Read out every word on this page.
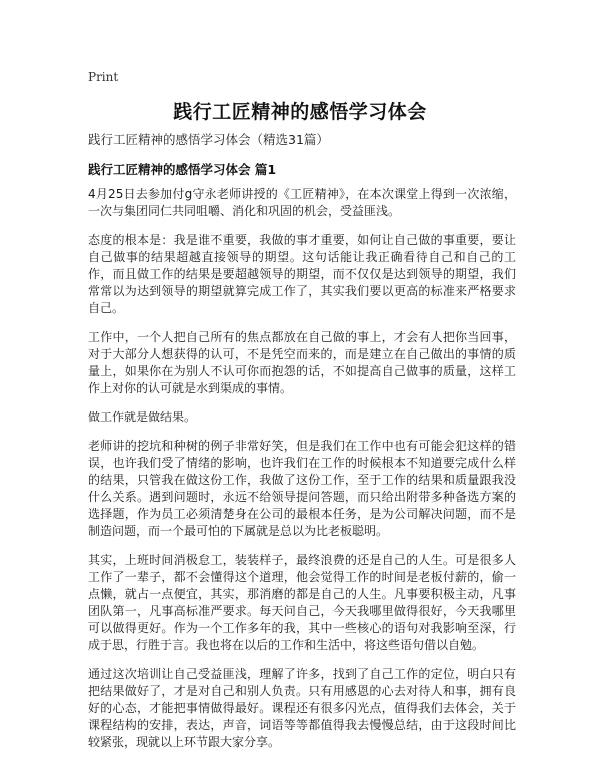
Print
践行工匠精神的感悟学习体会

践行工匠精神的感悟学习体会（精选31篇）

践行工匠精神的感悟学习体会 篇1

4月25日去参加付g守永老师讲授的《工匠精神》，在本次课堂上得到一次浓缩，一次与集团同仁共同咀嚼、消化和巩固的机会，受益匪浅。

态度的根本是：我是谁不重要，我做的事才重要，如何让自己做的事重要，要让自己做事的结果超越直接领导的期望。这句话能让我正确看待自己和自己的工作，而且做工作的结果是要超越领导的期望，而不仅仅是达到领导的期望，我们常常以为达到领导的期望就算完成工作了，其实我们要以更高的标准来严格要求自己。

工作中，一个人把自己所有的焦点都放在自己做的事上，才会有人把你当回事，对于大部分人想获得的认可，不是凭空而来的，而是建立在自己做出的事情的质量上，如果你在为别人不认可你而抱怨的话，不如提高自己做事的质量，这样工作上对你的认可就是水到渠成的事情。

做工作就是做结果。

老师讲的挖坑和种树的例子非常好笑，但是我们在工作中也有可能会犯这样的错误，也许我们受了情绪的影响，也许我们在工作的时候根本不知道要完成什么样的结果，只管我在做这份工作，我做了这份工作，至于工作的结果和质量跟我没什么关系。遇到问题时，永远不给领导提问答题，而只给出附带多种备选方案的选择题，作为员工必须清楚身在公司的最根本任务，是为公司解决问题，而不是制造问题，而一个最可怕的下属就是总以为比老板聪明。

其实，上班时间消极怠工，装装样子，最终浪费的还是自己的人生。可是很多人工作了一辈子，都不会懂得这个道理，他会觉得工作的时间是老板付薪的，偷一点懒，就占一点便宜，其实，那消磨的都是自己的人生。凡事要积极主动，凡事团队第一，凡事高标准严要求。每天问自己，今天我哪里做得很好，今天我哪里可以做得更好。作为一个工作多年的我，其中一些核心的语句对我影响至深，行成于思，行胜于言。我也将在以后的工作和生活中，将这些语句借以自勉。

通过这次培训让自己受益匪浅，理解了许多，找到了自己工作的定位，明白只有把结果做好了，才是对自己和别人负责。只有用感恩的心去对待人和事，拥有良好的心态，才能把事情做得最好。课程还有很多闪光点，值得我们去体会，关于课程结构的安排，表达，声音，词语等等都值得我去慢慢总结，由于这段时间比较紧张，现就以上环节跟大家分享。
